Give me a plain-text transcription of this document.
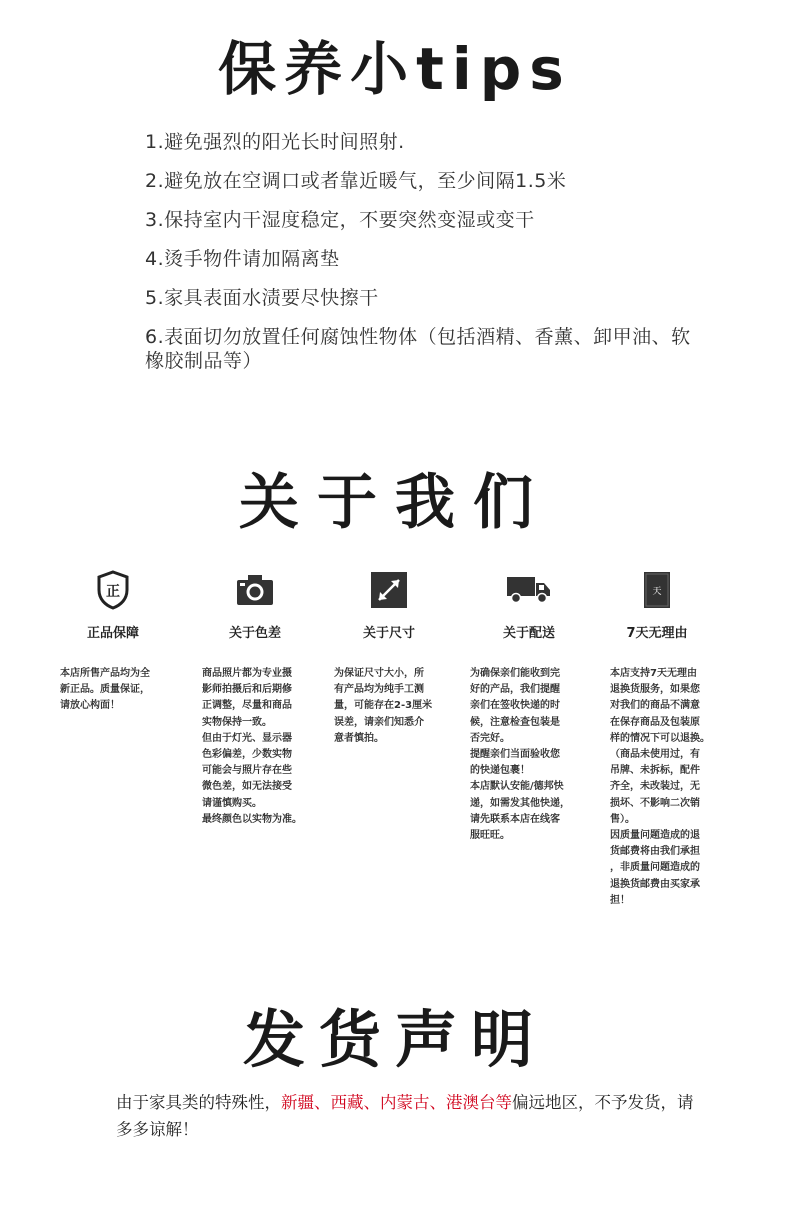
保养小tips
1.避免强烈的阳光长时间照射.
2.避免放在空调口或者靠近暖气，至少间隔1.5米
3.保持室内干湿度稳定，不要突然变湿或变干
4.烫手物件请加隔离垫
5.家具表面水渍要尽快擦干
6.表面切勿放置任何腐蚀性物体（包括酒精、香薰、卸甲油、软橡胶制品等）
关于我们
正
正品保障
本店所售产品均为全
新正品。质量保证，
请放心构面！
关于色差
商品照片都为专业摄
影师拍摄后和后期修
正调整，尽量和商品
实物保持一致。
但由于灯光、显示器
色彩偏差，少数实物
可能会与照片存在些
微色差，如无法接受
请谨慎购买。
最终颜色以实物为准。
关于尺寸
为保证尺寸大小，所
有产品均为纯手工测
量，可能存在2-3厘米
误差，请亲们知悉介
意者慎拍。
关于配送
为确保亲们能收到完
好的产品，我们提醒
亲们在签收快递的时
候，注意检查包装是
否完好。
提醒亲们当面验收您
的快递包裹！
本店默认安能/德邦快
递，如需发其他快递，
请先联系本店在线客
服旺旺。
天
7天无理由
本店支持7天无理由
退换货服务，如果您
对我们的商品不满意
在保存商品及包装原
样的情况下可以退换。
（商品未使用过，有
吊牌、未拆标，配件
齐全，未改装过，无
损坏、不影响二次销
售）。
因质量问题造成的退
货邮费将由我们承担
，非质量问题造成的
退换货邮费由买家承
担！
发货声明
由于家具类的特殊性，新疆、西藏、内蒙古、港澳台等偏远地区，不予发货，请多多谅解！
